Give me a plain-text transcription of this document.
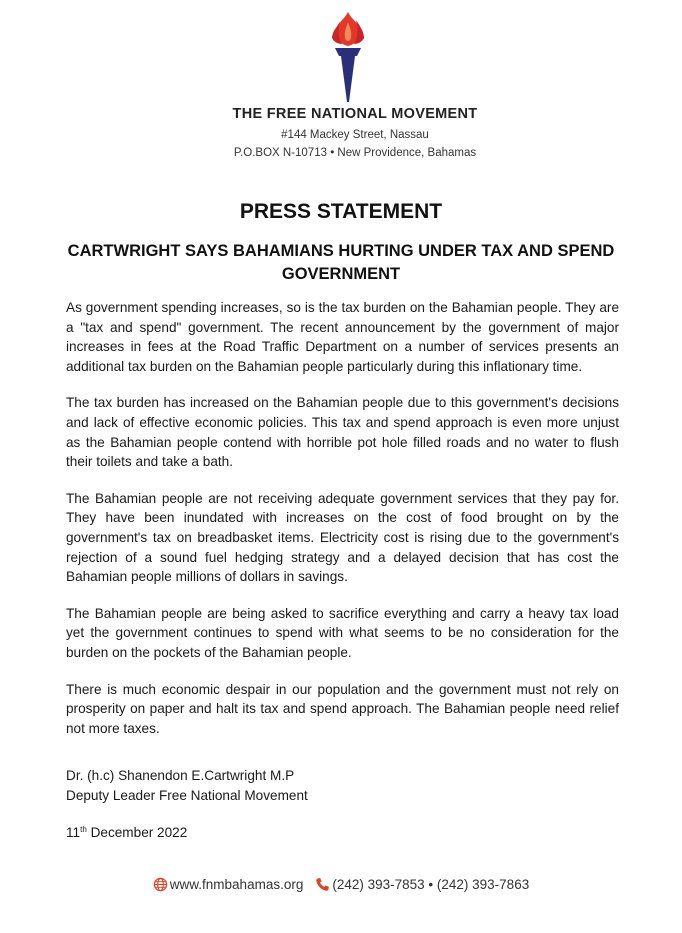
THE FREE NATIONAL MOVEMENT
#144 Mackey Street, Nassau
P.O.BOX N-10713 • New Providence, Bahamas
PRESS STATEMENT
CARTWRIGHT SAYS BAHAMIANS HURTING UNDER TAX AND SPEND GOVERNMENT

As government spending increases, so is the tax burden on the Bahamian people. They are a "tax and spend" government. The recent announcement by the government of major increases in fees at the Road Traffic Department on a number of services presents an additional tax burden on the Bahamian people particularly during this inflationary time.

The tax burden has increased on the Bahamian people due to this government's decisions and lack of effective economic policies. This tax and spend approach is even more unjust as the Bahamian people contend with horrible pot hole filled roads and no water to flush their toilets and take a bath.

The Bahamian people are not receiving adequate government services that they pay for. They have been inundated with increases on the cost of food brought on by the government's tax on breadbasket items. Electricity cost is rising due to the government's rejection of a sound fuel hedging strategy and a delayed decision that has cost the Bahamian people millions of dollars in savings.

The Bahamian people are being asked to sacrifice everything and carry a heavy tax load yet the government continues to spend with what seems to be no consideration for the burden on the pockets of the Bahamian people.

There is much economic despair in our population and the government must not rely on prosperity on paper and halt its tax and spend approach. The Bahamian people need relief not more taxes.

Dr. (h.c) Shanendon E.Cartwright M.P
Deputy Leader Free National Movement
11th December 2022
www.fnmbahamas.org (242) 393-7853 • (242) 393-7863
